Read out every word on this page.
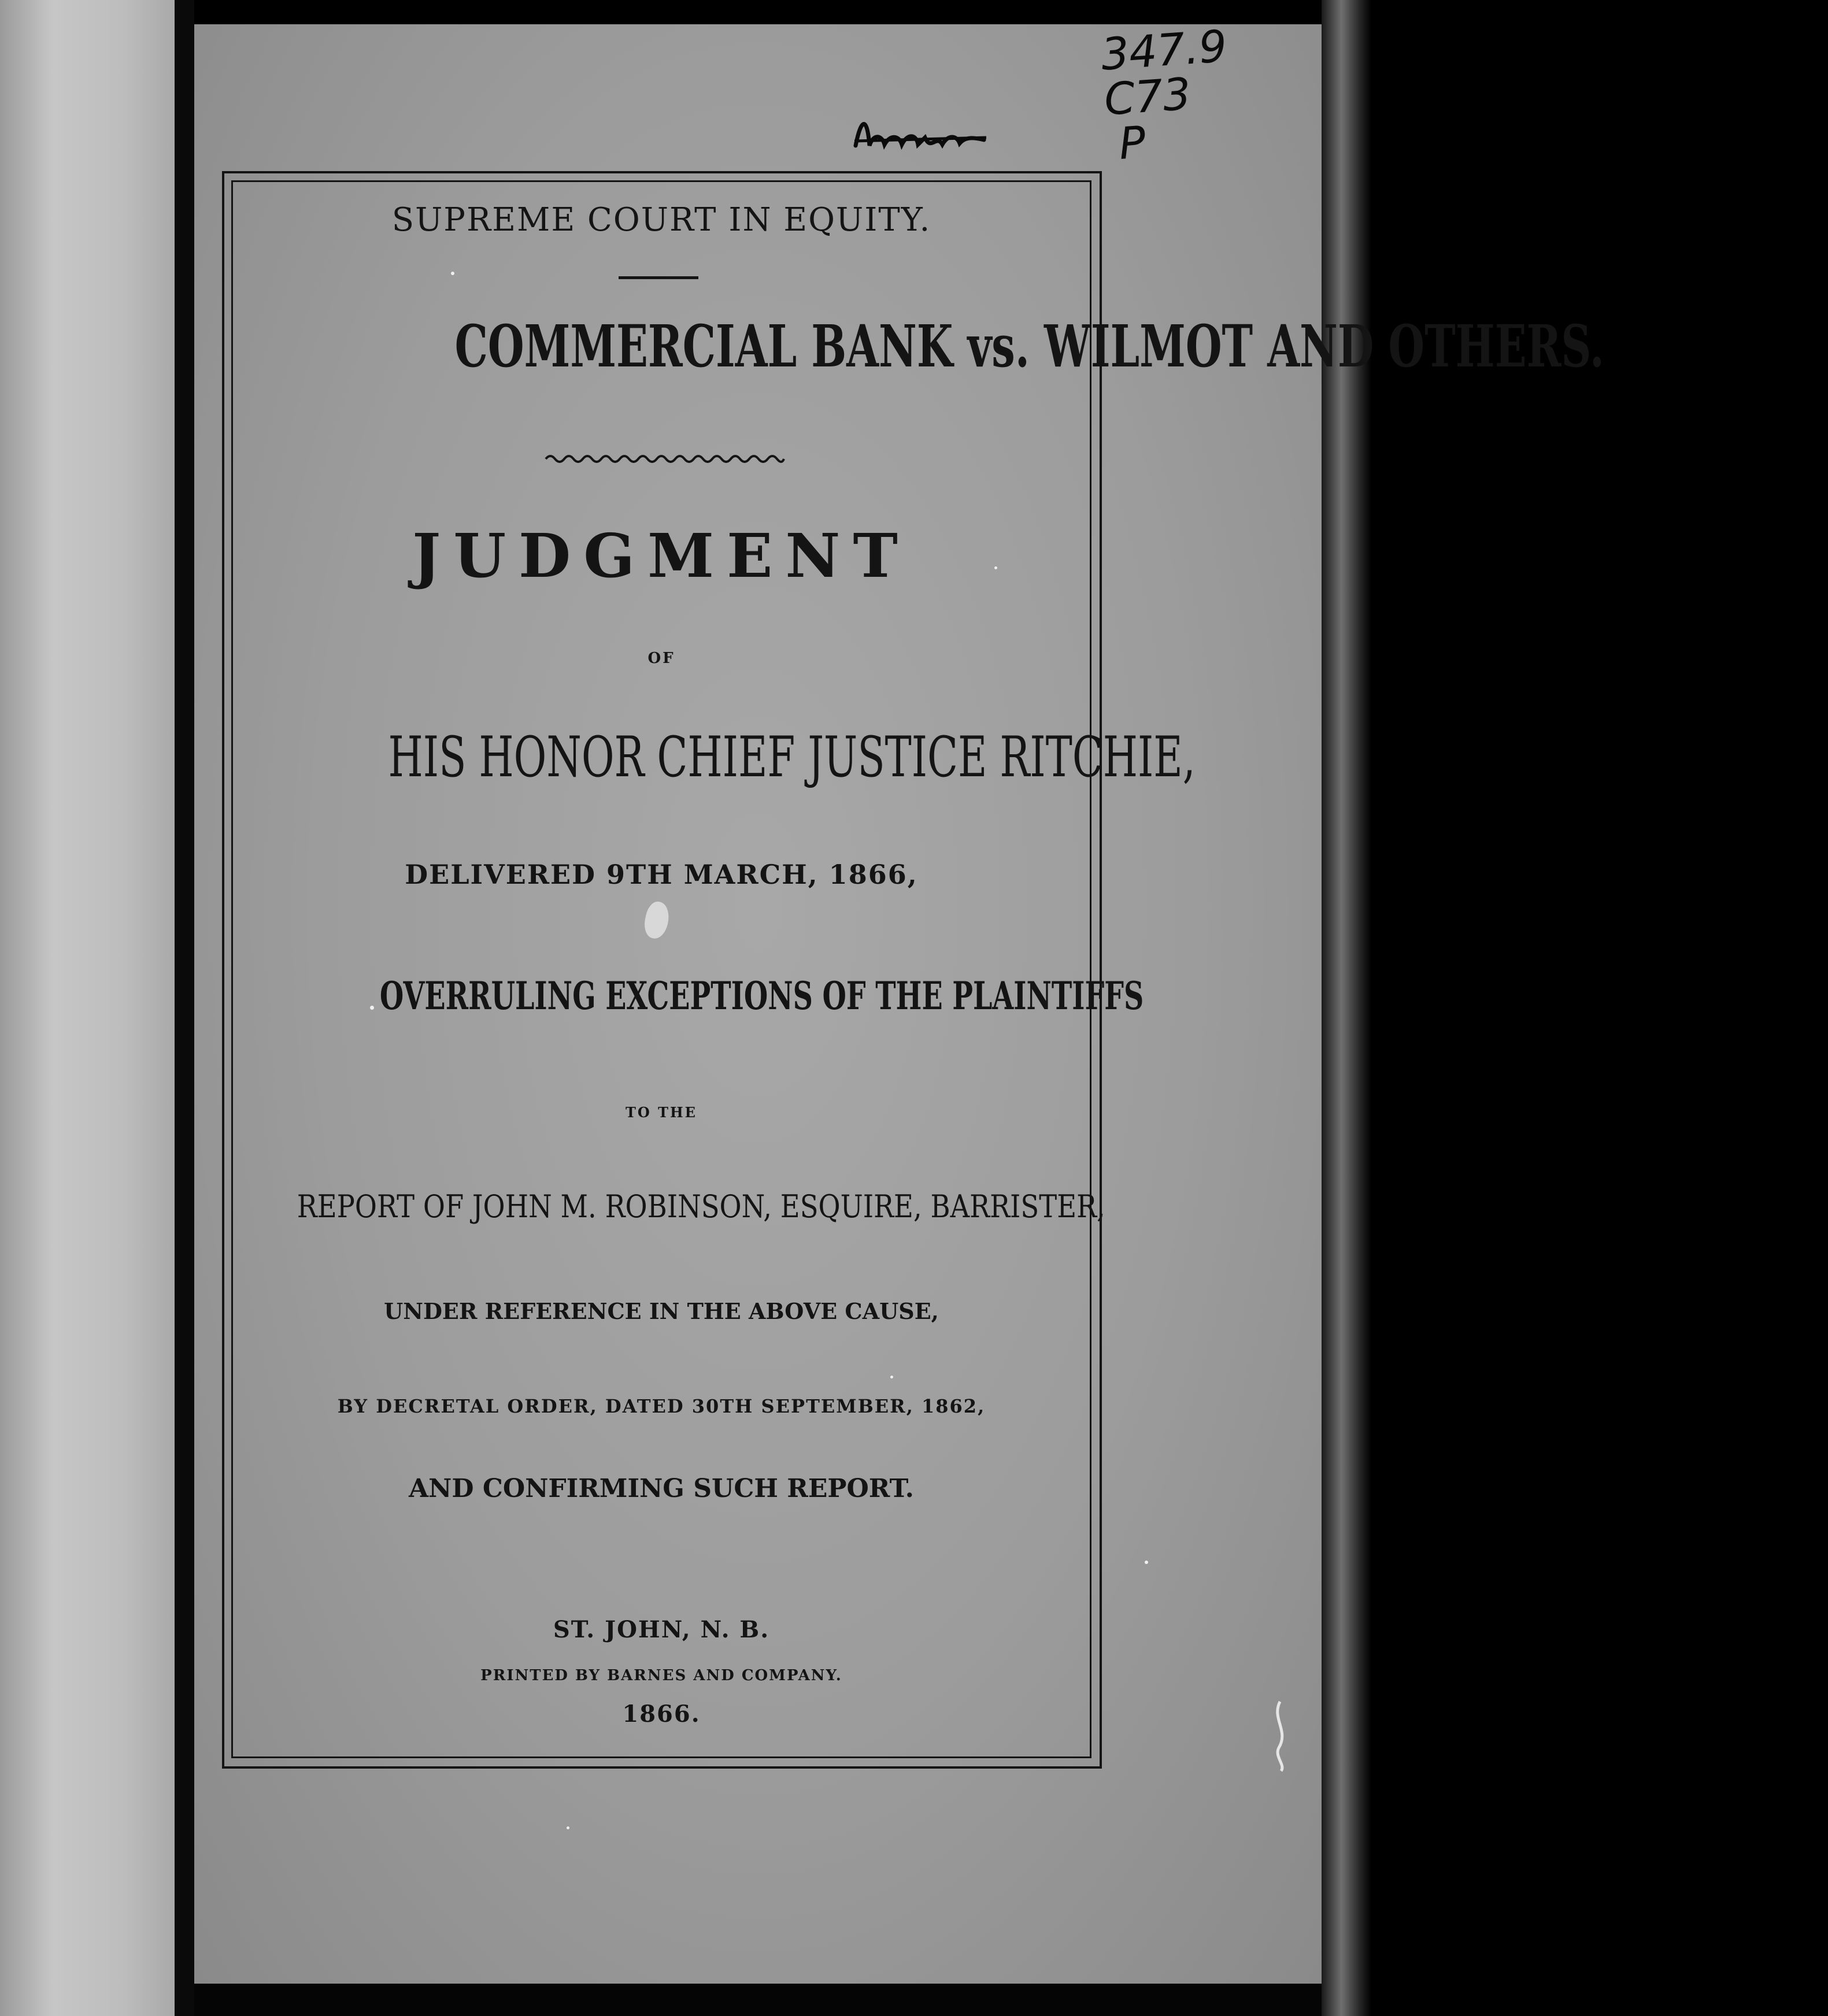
347.9
C73
P
SUPREME COURT IN EQUITY.
COMMERCIAL BANK vs. WILMOT AND OTHERS.
JUDGMENT
OF
HIS HONOR CHIEF JUSTICE RITCHIE,
DELIVERED 9TH MARCH, 1866,
OVERRULING EXCEPTIONS OF THE PLAINTIFFS
TO THE
REPORT OF JOHN M. ROBINSON, ESQUIRE, BARRISTER,
UNDER REFERENCE IN THE ABOVE CAUSE,
BY DECRETAL ORDER, DATED 30TH SEPTEMBER, 1862,
AND CONFIRMING SUCH REPORT.
ST. JOHN, N. B.
PRINTED BY BARNES AND COMPANY.
1866.
